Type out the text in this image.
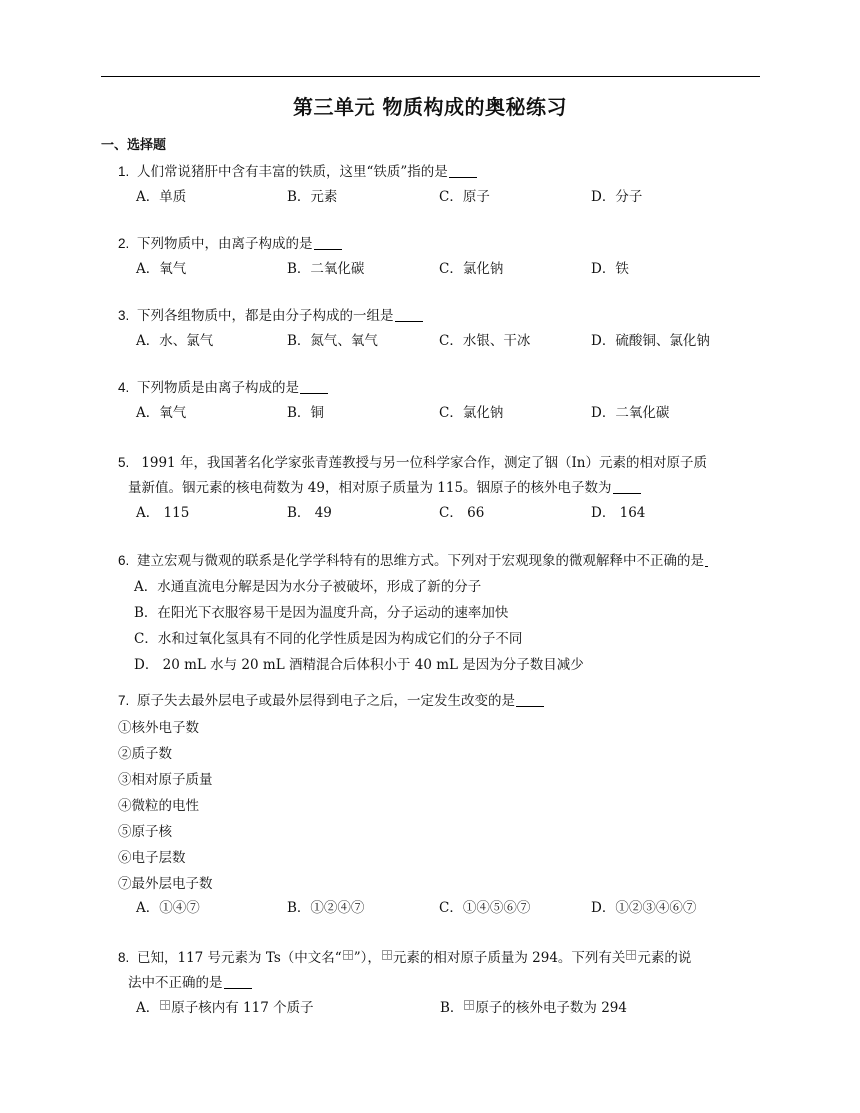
第三单元 物质构成的奥秘练习
一、选择题
1. 人们常说猪肝中含有丰富的铁质，这里“铁质”指的是
A．单质	B．元素	C．原子	D．分子
2. 下列物质中，由离子构成的是
A．氧气	B．二氧化碳	C．氯化钠	D．铁
3. 下列各组物质中，都是由分子构成的一组是
A．水、氯气	B．氮气、氧气	C．水银、干冰	D．硫酸铜、氯化钠
4. 下列物质是由离子构成的是
A．氧气	B．铜	C．氯化钠	D．二氧化碳
5. 1991 年，我国著名化学家张青莲教授与另一位科学家合作，测定了铟（In）元素的相对原子质
量新值。铟元素的核电荷数为 49，相对原子质量为 115。铟原子的核外电子数为
A． 115	B． 49	C． 66	D． 164
6. 建立宏观与微观的联系是化学学科特有的思维方式。下列对于宏观现象的微观解释中不正确的是
A．水通直流电分解是因为水分子被破坏，形成了新的分子
B．在阳光下衣服容易干是因为温度升高，分子运动的速率加快
C．水和过氧化氢具有不同的化学性质是因为构成它们的分子不同
D． 20 mL 水与 20 mL 酒精混合后体积小于 40 mL 是因为分子数目减少
7. 原子失去最外层电子或最外层得到电子之后，一定发生改变的是
①核外电子数
②质子数
③相对原子质量
④微粒的电性
⑤原子核
⑥电子层数
⑦最外层电子数
A．①④⑦	B．①②④⑦	C．①④⑤⑥⑦	D．①②③④⑥⑦
8. 已知，117 号元素为 Ts（中文名“ ”）， 元素的相对原子质量为 294。下列有关 元素的说
法中不正确的是
A． 原子核内有 117 个质子	B． 原子的核外电子数为 294
